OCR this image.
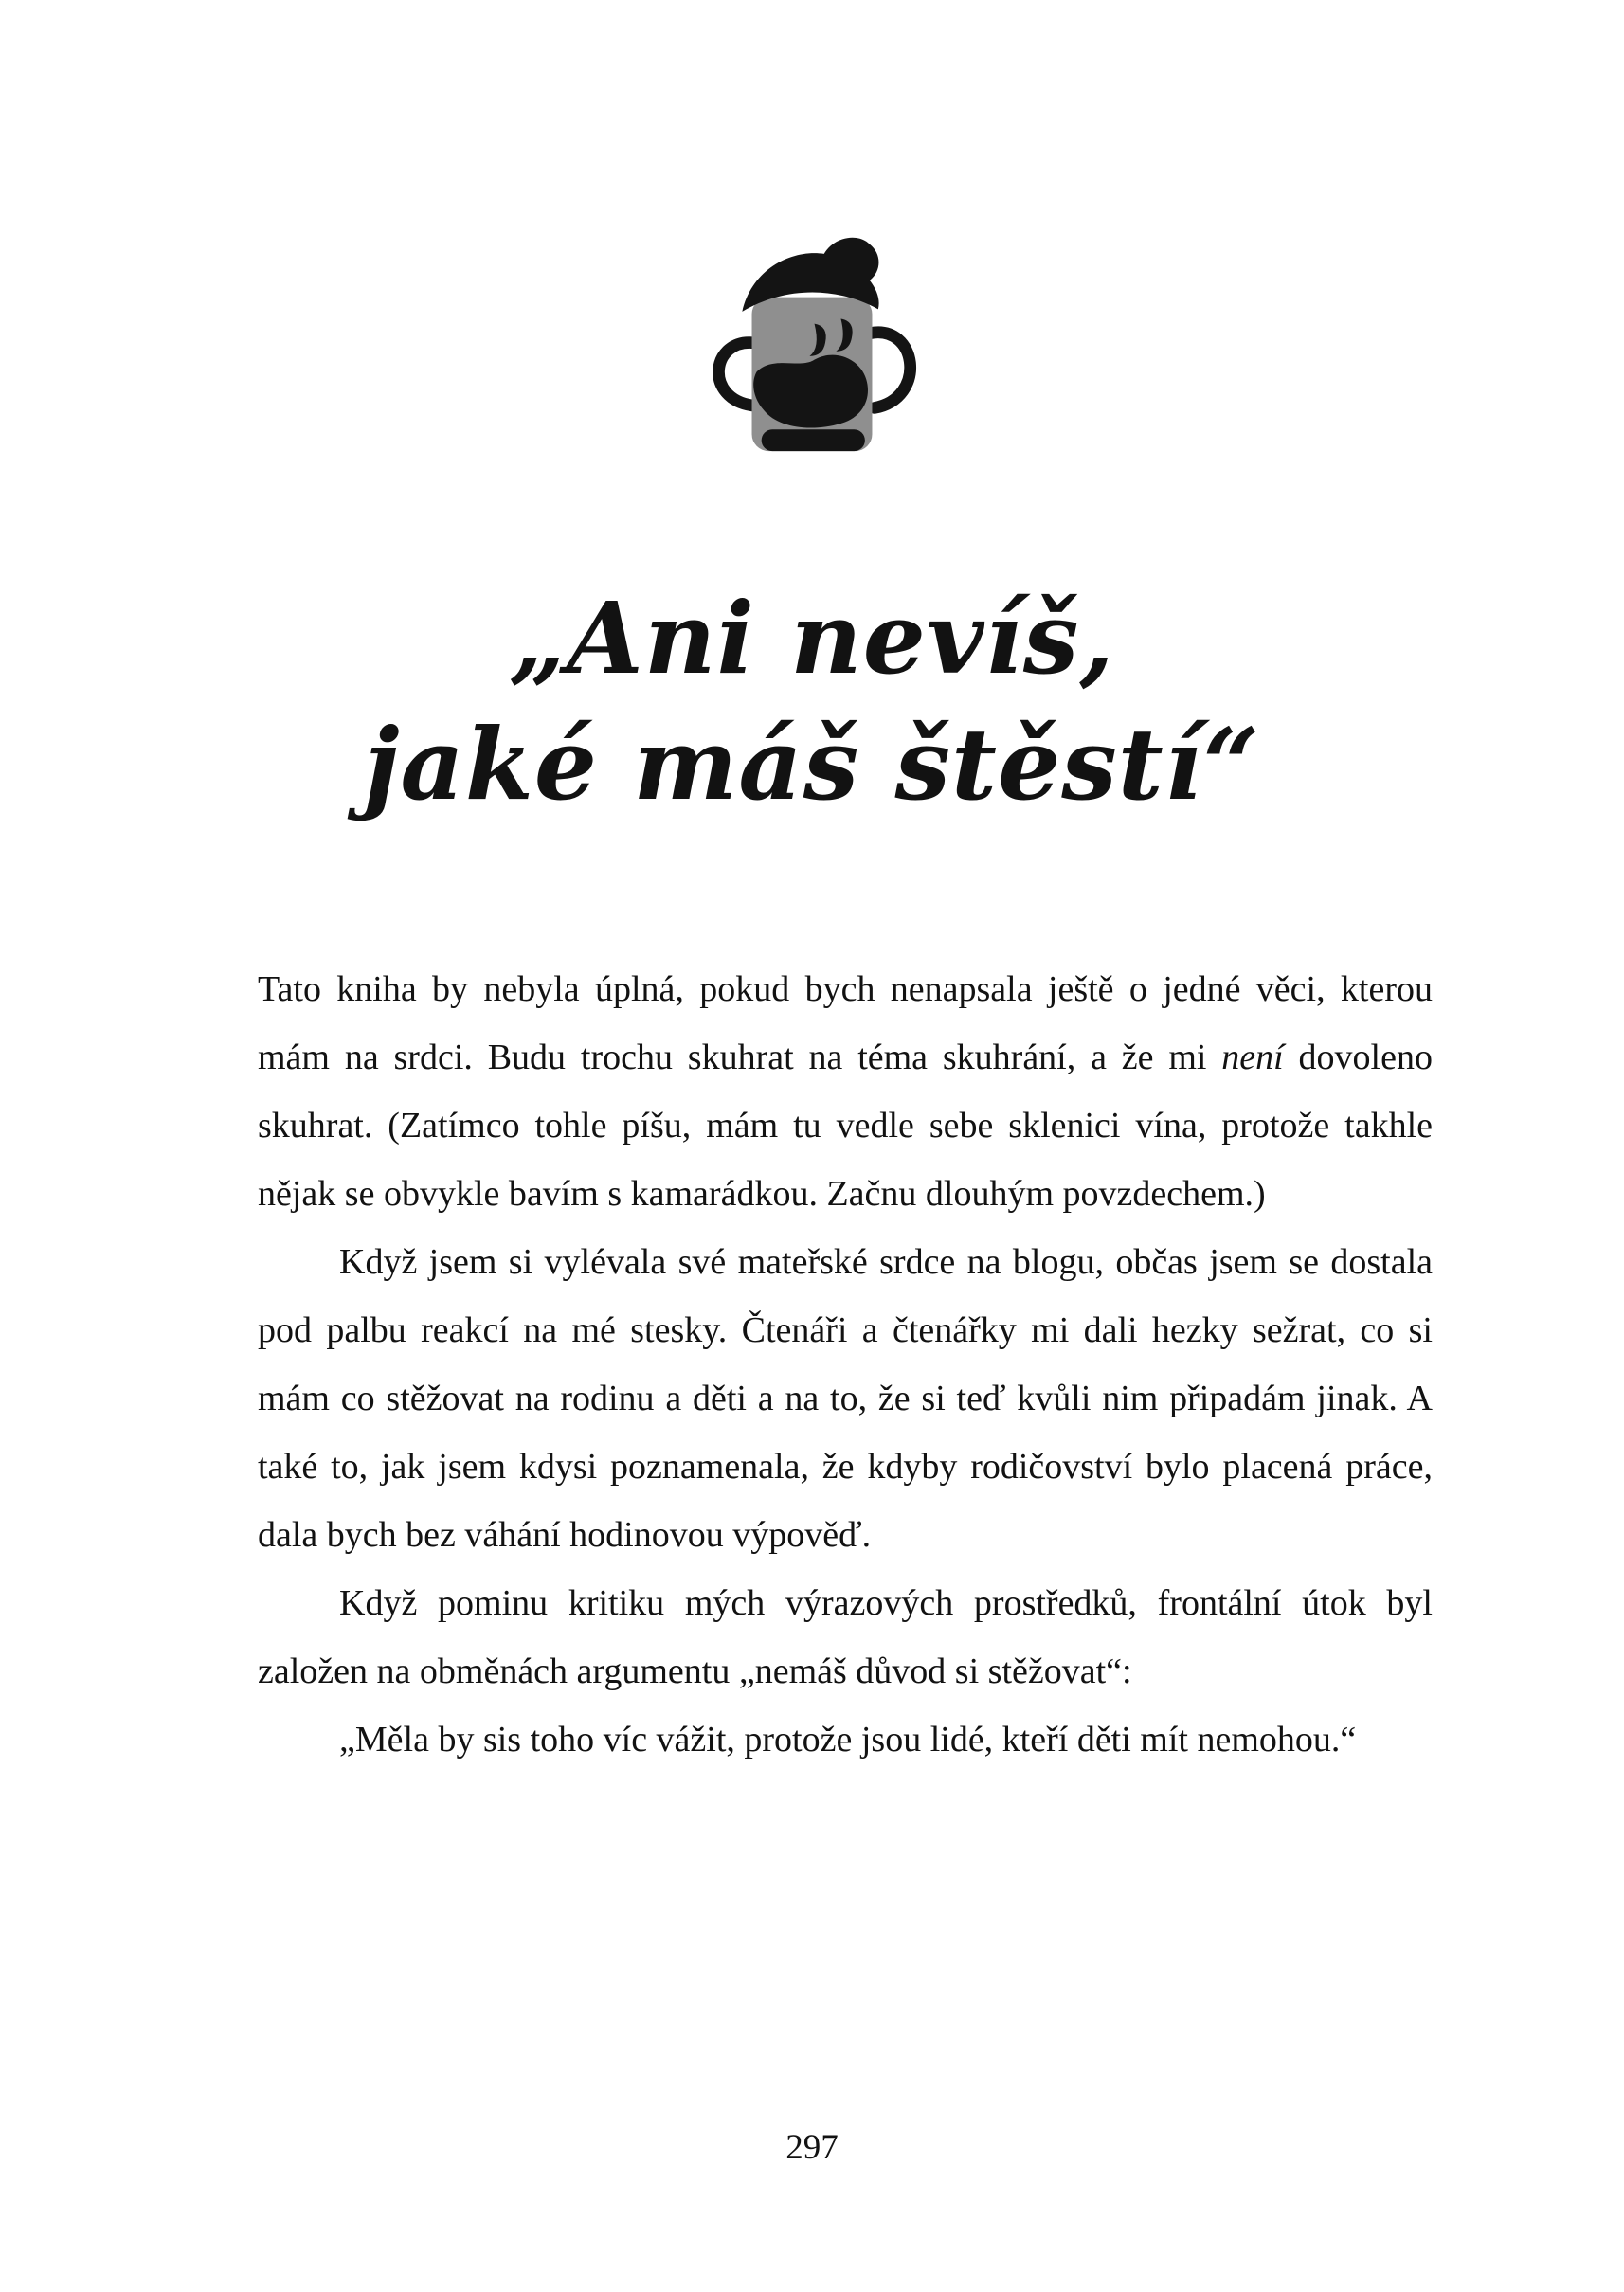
„Ani nevíš,
jaké máš štěstí“

Tato kniha by nebyla úplná, pokud bych nenapsala ještě o jedné věci, kterou mám na srdci. Budu trochu skuhrat na téma skuhrání, a že mi není dovoleno skuhrat. (Zatímco tohle píšu, mám tu vedle sebe sklenici vína, protože takhle nějak se obvykle bavím s kamarádkou. Začnu dlouhým povzdechem.)

Když jsem si vylévala své mateřské srdce na blogu, občas jsem se dostala pod palbu reakcí na mé stesky. Čtenáři a čtenářky mi dali hezky sežrat, co si mám co stěžovat na rodinu a děti a na to, že si teď kvůli nim připadám jinak. A také to, jak jsem kdysi poznamenala, že kdyby rodičovství bylo placená práce, dala bych bez váhání hodinovou výpověď.

Když pominu kritiku mých výrazových prostředků, frontální útok byl založen na obměnách argumentu „nemáš důvod si stěžovat“:

„Měla by sis toho víc vážit, protože jsou lidé, kteří děti mít nemohou.“

297
